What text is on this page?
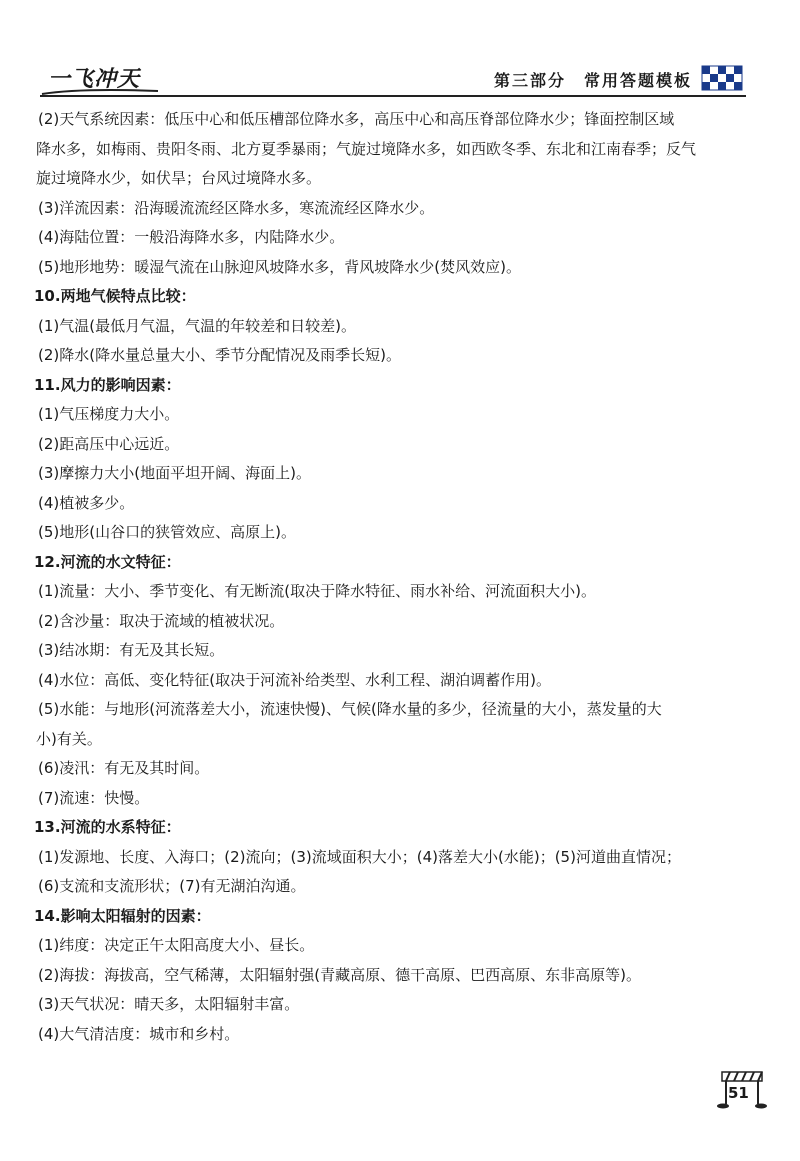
一飞冲天	第三部分　常用答题模板
(2)天气系统因素：低压中心和低压槽部位降水多，高压中心和高压脊部位降水少；锋面控制区域
降水多，如梅雨、贵阳冬雨、北方夏季暴雨；气旋过境降水多，如西欧冬季、东北和江南春季；反气
旋过境降水少，如伏旱；台风过境降水多。
(3)洋流因素：沿海暖流流经区降水多，寒流流经区降水少。
(4)海陆位置：一般沿海降水多，内陆降水少。
(5)地形地势：暖湿气流在山脉迎风坡降水多，背风坡降水少(焚风效应)。
10.两地气候特点比较：
(1)气温(最低月气温，气温的年较差和日较差)。
(2)降水(降水量总量大小、季节分配情况及雨季长短)。
11.风力的影响因素：
(1)气压梯度力大小。
(2)距高压中心远近。
(3)摩擦力大小(地面平坦开阔、海面上)。
(4)植被多少。
(5)地形(山谷口的狭管效应、高原上)。
12.河流的水文特征：
(1)流量：大小、季节变化、有无断流(取决于降水特征、雨水补给、河流面积大小)。
(2)含沙量：取决于流域的植被状况。
(3)结冰期：有无及其长短。
(4)水位：高低、变化特征(取决于河流补给类型、水利工程、湖泊调蓄作用)。
(5)水能：与地形(河流落差大小，流速快慢)、气候(降水量的多少，径流量的大小，蒸发量的大
小)有关。
(6)凌汛：有无及其时间。
(7)流速：快慢。
13.河流的水系特征：
(1)发源地、长度、入海口；(2)流向；(3)流域面积大小；(4)落差大小(水能)；(5)河道曲直情况；
(6)支流和支流形状；(7)有无湖泊沟通。
14.影响太阳辐射的因素：
(1)纬度：决定正午太阳高度大小、昼长。
(2)海拔：海拔高，空气稀薄，太阳辐射强(青藏高原、德干高原、巴西高原、东非高原等)。
(3)天气状况：晴天多，太阳辐射丰富。
(4)大气清洁度：城市和乡村。
51
